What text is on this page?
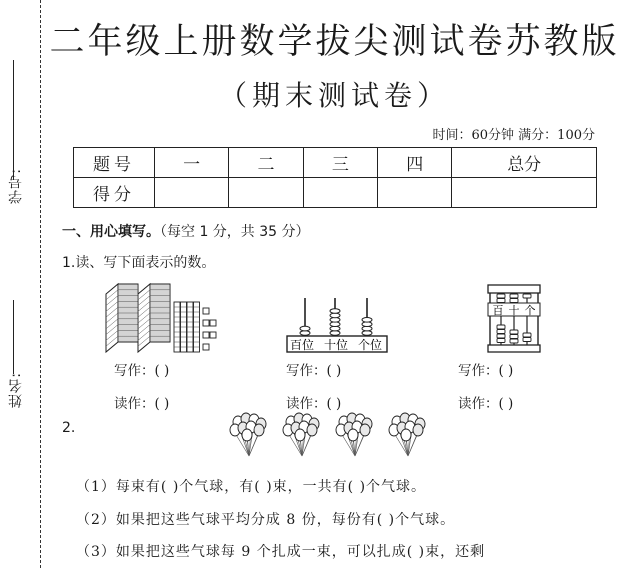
学号:
姓名:
二年级上册数学拔尖测试卷苏教版
（期末测试卷）
时间：60分钟 满分：100分
题号	一	二	三	四	总分
得分					
一、用心填写。（每空 1 分，共 35 分）
1.读、写下面表示的数。
百位 十位 个位
百 十 个
写作：( )
读作：( )
写作：( )
读作：( )
写作：( )
读作：( )
2.
（1）每束有( )个气球，有( )束，一共有( )个气球。
（2）如果把这些气球平均分成 8 份，每份有( )个气球。
（3）如果把这些气球每 9 个扎成一束，可以扎成( )束，还剩
